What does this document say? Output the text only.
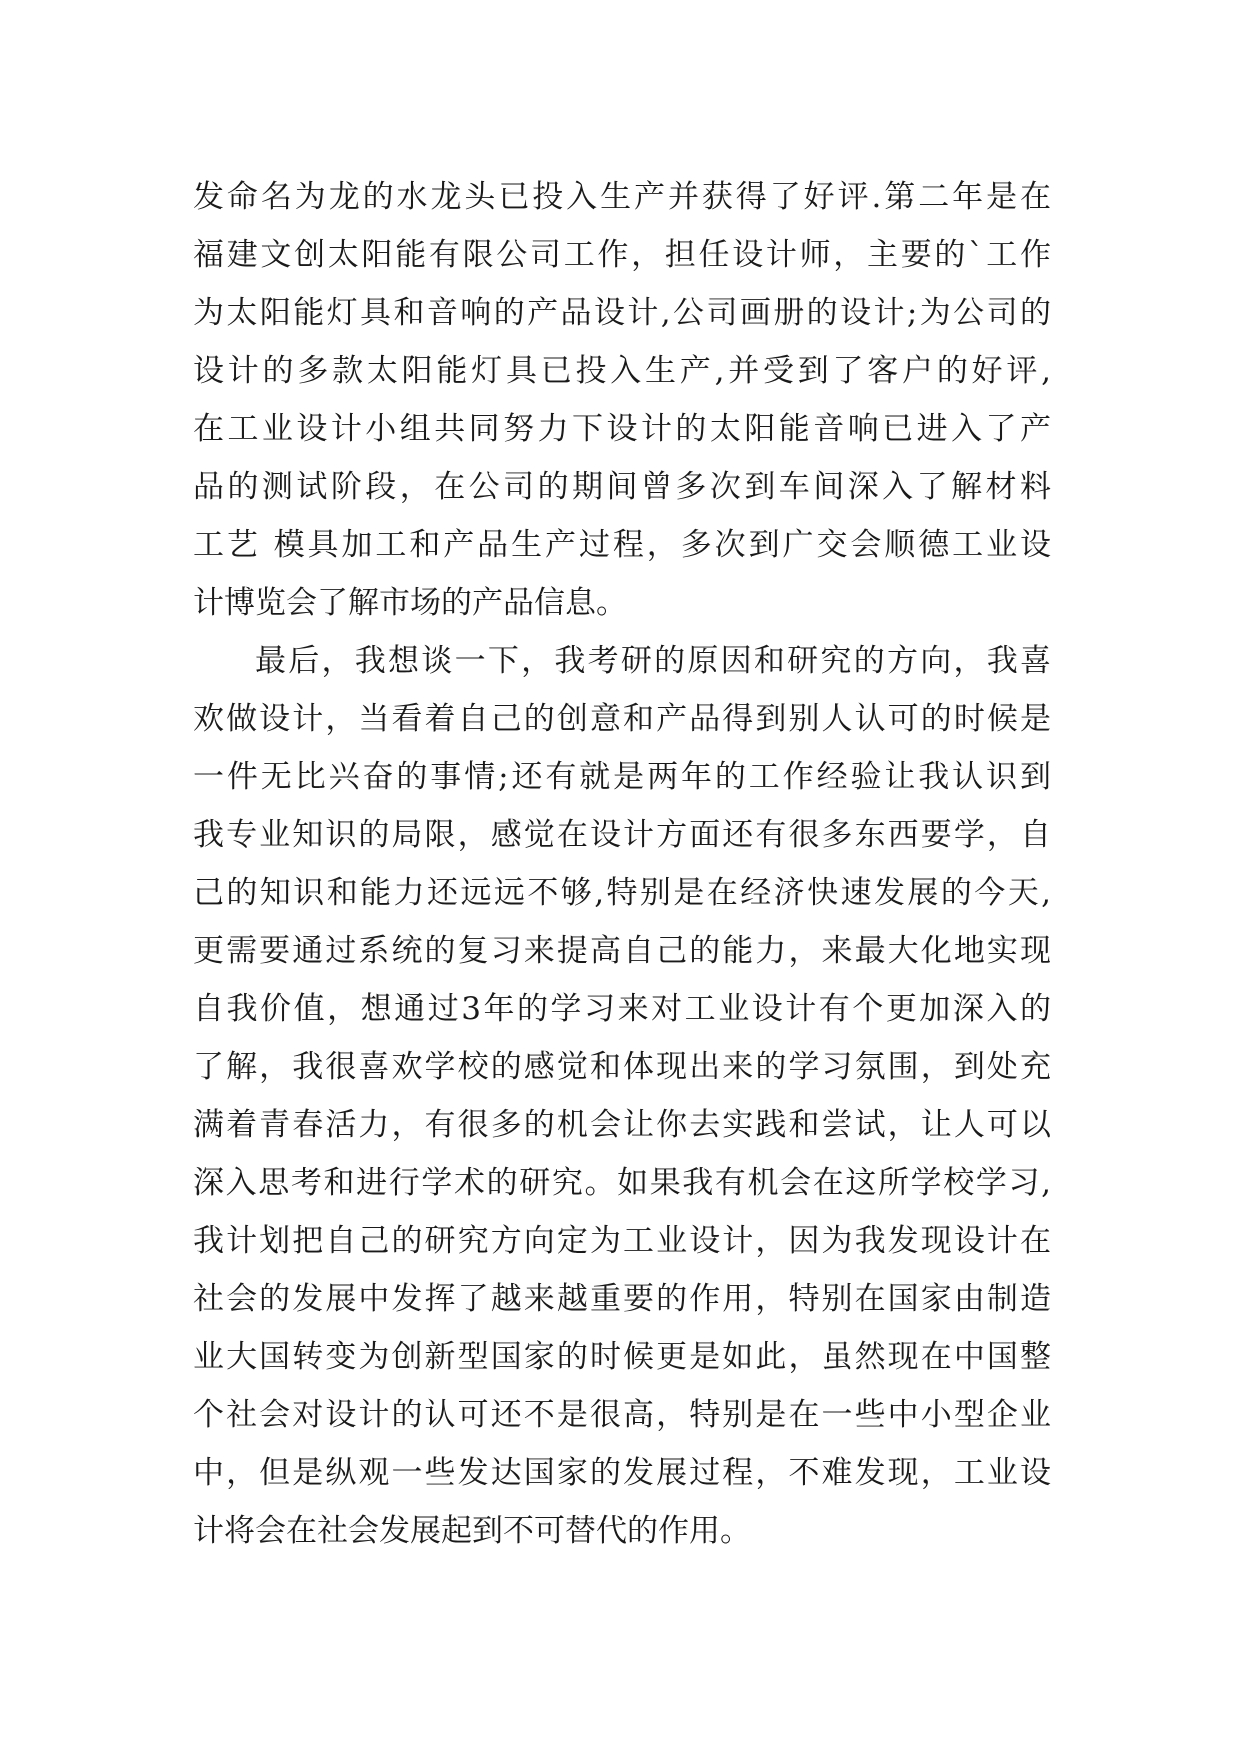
发命名为龙的水龙头已投入生产并获得了好评.第二年是在
福建文创太阳能有限公司工作，担任设计师，主要的`工作
为太阳能灯具和音响的产品设计,公司画册的设计;为公司的
设计的多款太阳能灯具已投入生产,并受到了客户的好评,
在工业设计小组共同努力下设计的太阳能音响已进入了产
品的测试阶段，在公司的期间曾多次到车间深入了解材料
工艺 模具加工和产品生产过程，多次到广交会顺德工业设
计博览会了解市场的产品信息。
最后，我想谈一下，我考研的原因和研究的方向，我喜
欢做设计，当看着自己的创意和产品得到别人认可的时候是
一件无比兴奋的事情;还有就是两年的工作经验让我认识到
我专业知识的局限，感觉在设计方面还有很多东西要学，自
己的知识和能力还远远不够,特别是在经济快速发展的今天,
更需要通过系统的复习来提高自己的能力，来最大化地实现
自我价值，想通过3年的学习来对工业设计有个更加深入的
了解，我很喜欢学校的感觉和体现出来的学习氛围，到处充
满着青春活力，有很多的机会让你去实践和尝试，让人可以
深入思考和进行学术的研究。如果我有机会在这所学校学习,
我计划把自己的研究方向定为工业设计，因为我发现设计在
社会的发展中发挥了越来越重要的作用，特别在国家由制造
业大国转变为创新型国家的时候更是如此，虽然现在中国整
个社会对设计的认可还不是很高，特别是在一些中小型企业
中，但是纵观一些发达国家的发展过程，不难发现，工业设
计将会在社会发展起到不可替代的作用。
